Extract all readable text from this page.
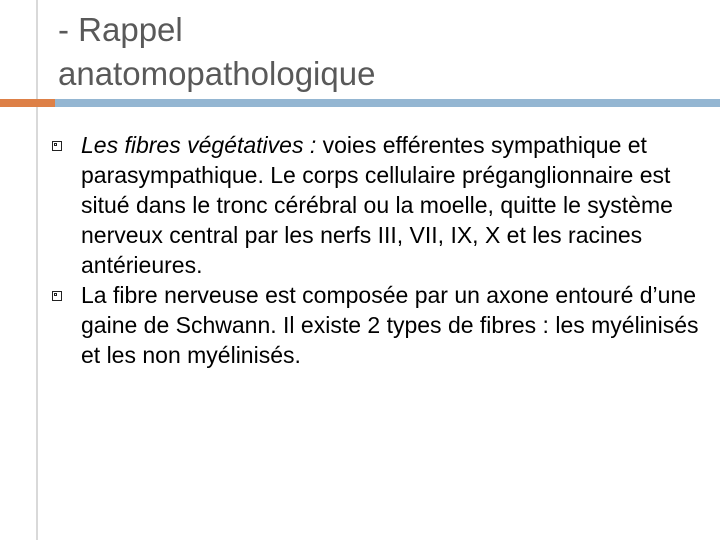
- Rappel
anatomopathologique
Les fibres végétatives : voies efférentes sympathique et parasympathique. Le corps cellulaire préganglionnaire est situé dans le tronc cérébral ou la moelle, quitte le système nerveux central par les nerfs III, VII, IX, X et les racines antérieures.
La fibre nerveuse est composée par un axone entouré d’une gaine de Schwann. Il existe 2 types de fibres : les myélinisés et les non myélinisés.
